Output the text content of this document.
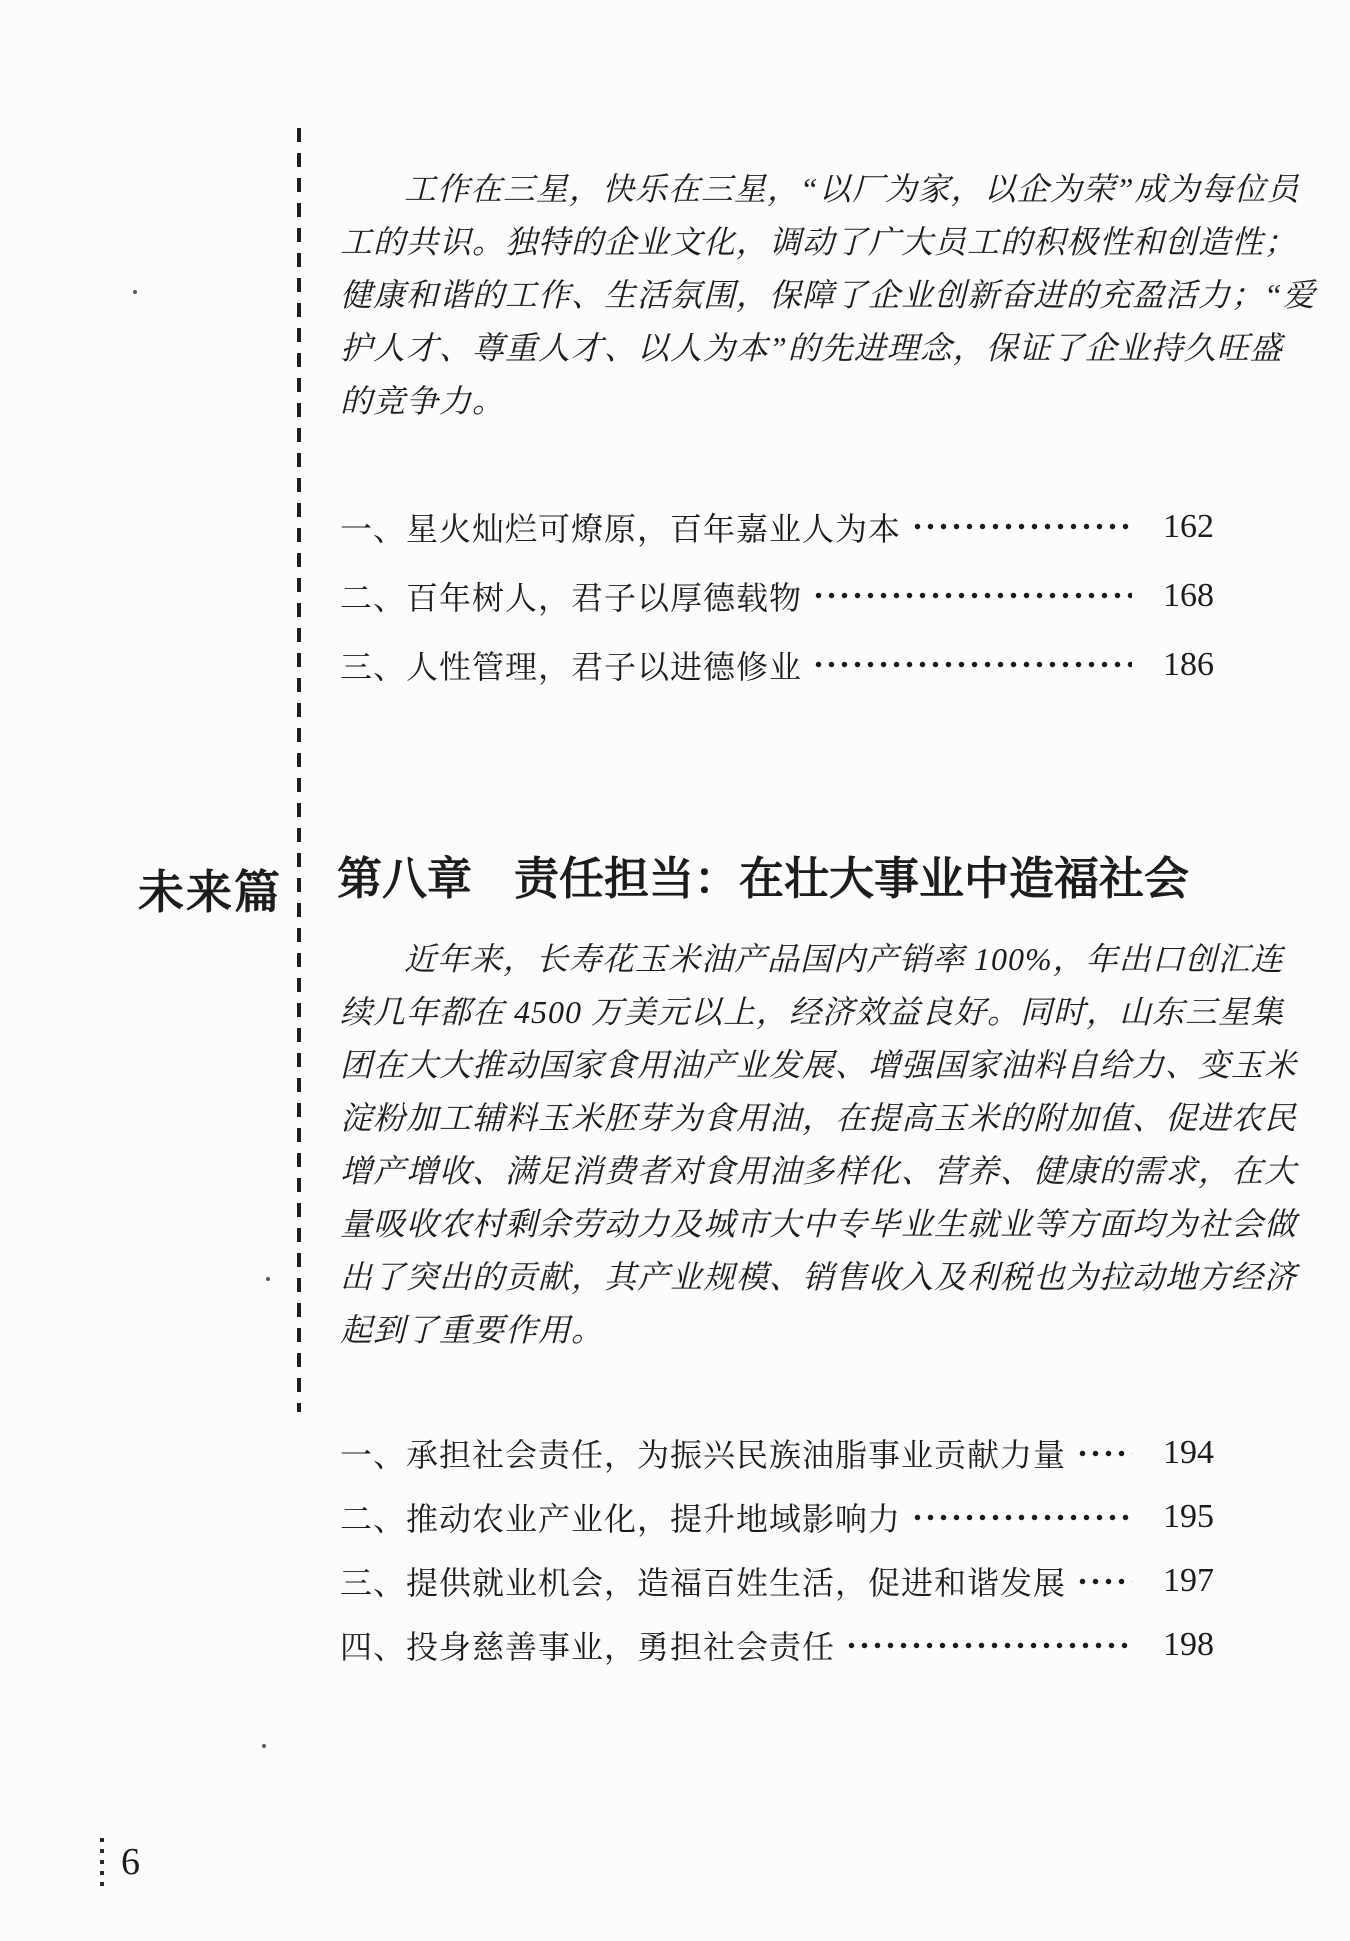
工作在三星，快乐在三星，“以厂为家，以企为荣”成为每位员
工的共识。独特的企业文化，调动了广大员工的积极性和创造性；
健康和谐的工作、生活氛围，保障了企业创新奋进的充盈活力；“爱
护人才、尊重人才、以人为本”的先进理念，保证了企业持久旺盛
的竞争力。
一、星火灿烂可燎原，百年嘉业人为本	162
二、百年树人，君子以厚德载物	168
三、人性管理，君子以进德修业	186
未来篇 第八章 责任担当：在壮大事业中造福社会
近年来，长寿花玉米油产品国内产销率 100%，年出口创汇连
续几年都在 4500 万美元以上，经济效益良好。同时，山东三星集
团在大大推动国家食用油产业发展、增强国家油料自给力、变玉米
淀粉加工辅料玉米胚芽为食用油，在提高玉米的附加值、促进农民
增产增收、满足消费者对食用油多样化、营养、健康的需求，在大
量吸收农村剩余劳动力及城市大中专毕业生就业等方面均为社会做
出了突出的贡献，其产业规模、销售收入及利税也为拉动地方经济
起到了重要作用。
一、承担社会责任，为振兴民族油脂事业贡献力量	194
二、推动农业产业化，提升地域影响力	195
三、提供就业机会，造福百姓生活，促进和谐发展	197
四、投身慈善事业，勇担社会责任	198
6
